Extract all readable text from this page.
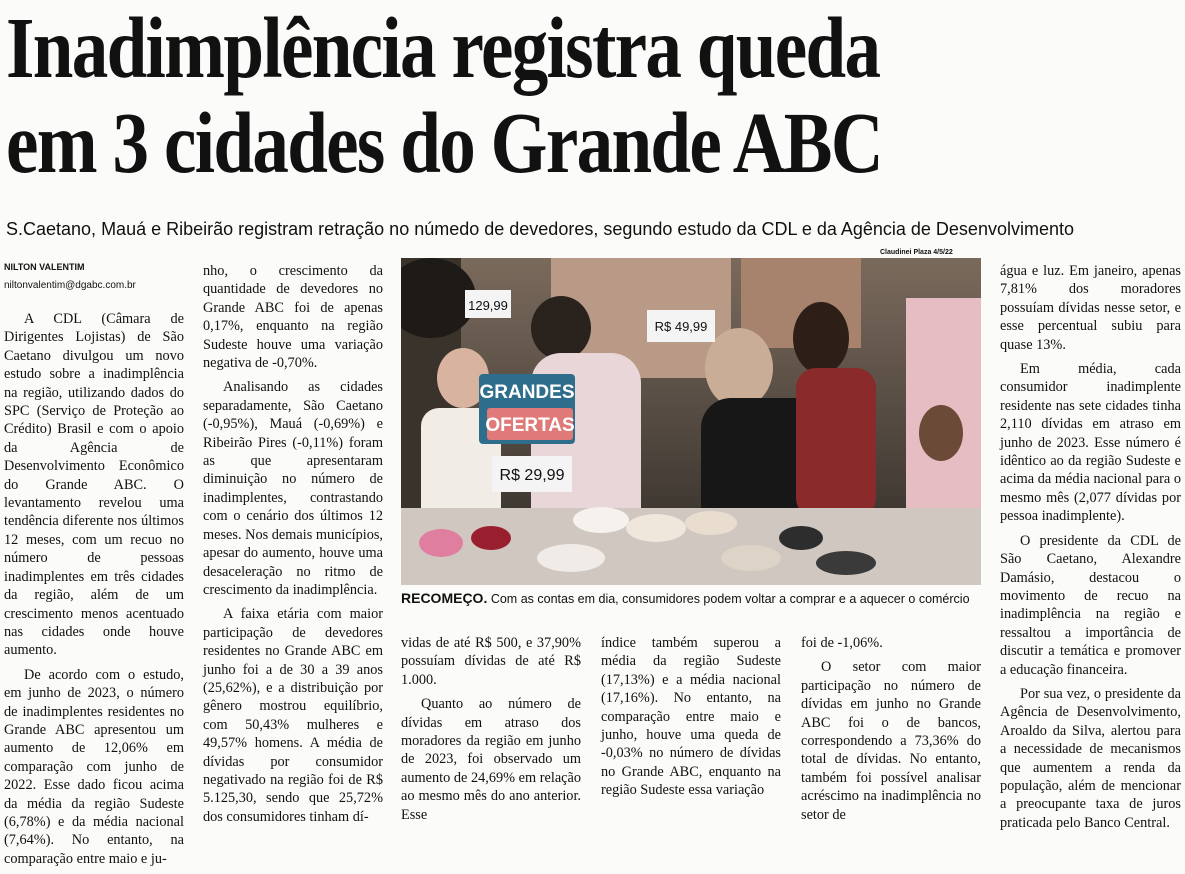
Inadimplência registra queda
em 3 cidades do Grande ABC
S.Caetano, Mauá e Ribeirão registram retração no númedo de devedores, segundo estudo da CDL e da Agência de Desenvolvimento
NILTON VALENTIM
niltonvalentim@dgabc.com.br

A CDL (Câmara de Dirigentes Lojistas) de São Caetano divulgou um novo estudo sobre a inadimplência na região, utilizando dados do SPC (Serviço de Proteção ao Crédito) Brasil e com o apoio da Agência de Desenvolvimento Econômico do Grande ABC. O levantamento revelou uma tendência diferente nos últimos 12 meses, com um recuo no número de pessoas inadimplentes em três cidades da região, além de um crescimento menos acentuado nas cidades onde houve aumento.

De acordo com o estudo, em junho de 2023, o número de inadimplentes residentes no Grande ABC apresentou um aumento de 12,06% em comparação com junho de 2022. Esse dado ficou acima da média da região Sudeste (6,78%) e da média nacional (7,64%). No entanto, na comparação entre maio e ju-

nho, o crescimento da quantidade de devedores no Grande ABC foi de apenas 0,17%, enquanto na região Sudeste houve uma variação negativa de -0,70%.

Analisando as cidades separadamente, São Caetano (-0,95%), Mauá (-0,69%) e Ribeirão Pires (-0,11%) foram as que apresentaram diminuição no número de inadimplentes, contrastando com o cenário dos últimos 12 meses. Nos demais municípios, apesar do aumento, houve uma desaceleração no ritmo de crescimento da inadimplência.

A faixa etária com maior participação de devedores residentes no Grande ABC em junho foi a de 30 a 39 anos (25,62%), e a distribuição por gênero mostrou equilíbrio, com 50,43% mulheres e 49,57% homens. A média de dívidas por consumidor negativado na região foi de R$ 5.125,30, sendo que 25,72% dos consumidores tinham dí-

Claudinei Plaza 4/5/22
GRANDES
OFERTAS
129,99
R$ 49,99
R$ 29,99
RECOMEÇO. Com as contas em dia, consumidores podem voltar a comprar e a aquecer o comércio

vidas de até R$ 500, e 37,90% possuíam dívidas de até R$ 1.000.

Quanto ao número de dívidas em atraso dos moradores da região em junho de 2023, foi observado um aumento de 24,69% em relação ao mesmo mês do ano anterior. Esse

índice também superou a média da região Sudeste (17,13%) e a média nacional (17,16%). No entanto, na comparação entre maio e junho, houve uma queda de -0,03% no número de dívidas no Grande ABC, enquanto na região Sudeste essa variação

foi de -1,06%.

O setor com maior participação no número de dívidas em junho no Grande ABC foi o de bancos, correspondendo a 73,36% do total de dívidas. No entanto, também foi possível analisar acréscimo na inadimplência no setor de

água e luz. Em janeiro, apenas 7,81% dos moradores possuíam dívidas nesse setor, e esse percentual subiu para quase 13%.

Em média, cada consumidor inadimplente residente nas sete cidades tinha 2,110 dívidas em atraso em junho de 2023. Esse número é idêntico ao da região Sudeste e acima da média nacional para o mesmo mês (2,077 dívidas por pessoa inadimplente).

O presidente da CDL de São Caetano, Alexandre Damásio, destacou o movimento de recuo na inadimplência na região e ressaltou a importância de discutir a temática e promover a educação financeira.

Por sua vez, o presidente da Agência de Desenvolvimento, Aroaldo da Silva, alertou para a necessidade de mecanismos que aumentem a renda da população, além de mencionar a preocupante taxa de juros praticada pelo Banco Central.
